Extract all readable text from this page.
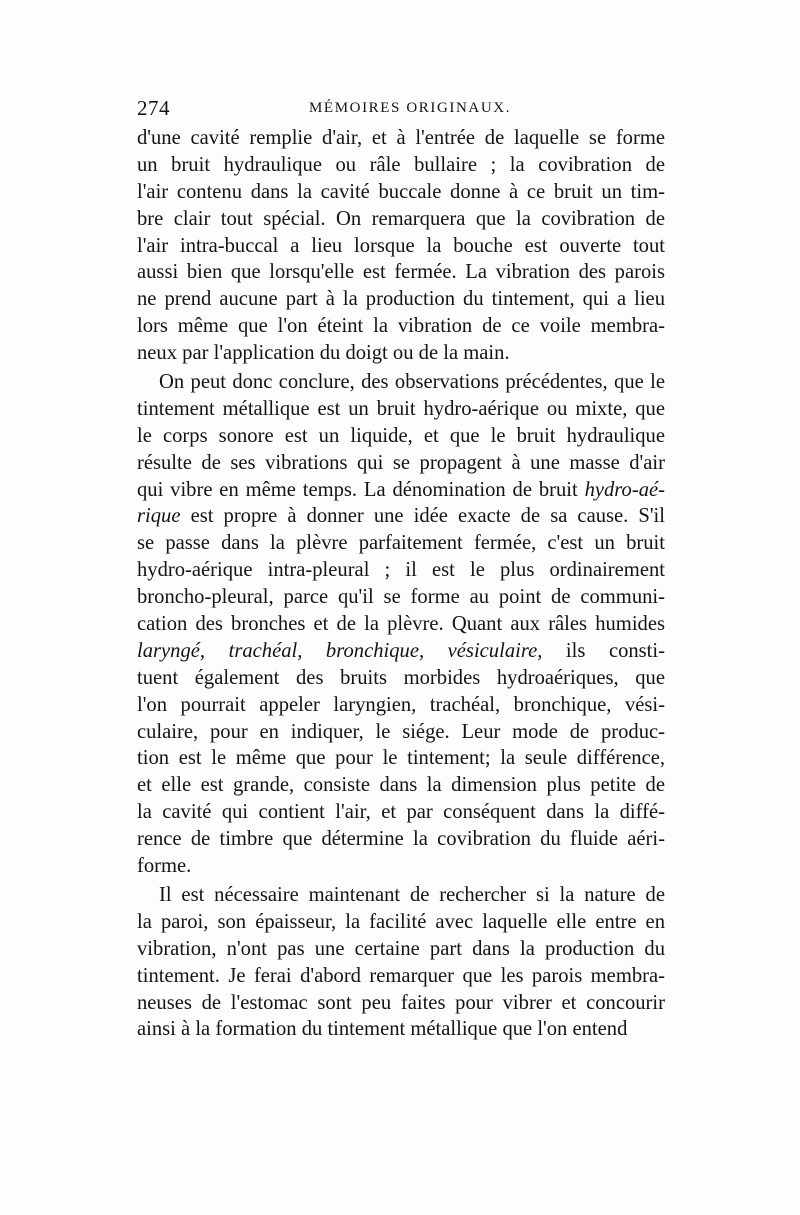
274	MÉMOIRES ORIGINAUX.
d'une cavité remplie d'air, et à l'entrée de laquelle se forme
un bruit hydraulique ou râle bullaire ; la covibration de
l'air contenu dans la cavité buccale donne à ce bruit un tim-
bre clair tout spécial. On remarquera que la covibration de
l'air intra-buccal a lieu lorsque la bouche est ouverte tout
aussi bien que lorsqu'elle est fermée. La vibration des parois
ne prend aucune part à la production du tintement, qui a lieu
lors même que l'on éteint la vibration de ce voile membra-
neux par l'application du doigt ou de la main.
On peut donc conclure, des observations précédentes, que le
tintement métallique est un bruit hydro-aérique ou mixte, que
le corps sonore est un liquide, et que le bruit hydraulique
résulte de ses vibrations qui se propagent à une masse d'air
qui vibre en même temps. La dénomination de bruit hydro-aé-
rique est propre à donner une idée exacte de sa cause. S'il
se passe dans la plèvre parfaitement fermée, c'est un bruit
hydro-aérique intra-pleural ; il est le plus ordinairement
broncho-pleural, parce qu'il se forme au point de communi-
cation des bronches et de la plèvre. Quant aux râles humides
laryngé, trachéal, bronchique, vésiculaire, ils consti-
tuent également des bruits morbides hydroaériques, que
l'on pourrait appeler laryngien, trachéal, bronchique, vési-
culaire, pour en indiquer, le siége. Leur mode de produc-
tion est le même que pour le tintement; la seule différence,
et elle est grande, consiste dans la dimension plus petite de
la cavité qui contient l'air, et par conséquent dans la diffé-
rence de timbre que détermine la covibration du fluide aéri-
forme.
Il est nécessaire maintenant de rechercher si la nature de
la paroi, son épaisseur, la facilité avec laquelle elle entre en
vibration, n'ont pas une certaine part dans la production du
tintement. Je ferai d'abord remarquer que les parois membra-
neuses de l'estomac sont peu faites pour vibrer et concourir
ainsi à la formation du tintement métallique que l'on entend
